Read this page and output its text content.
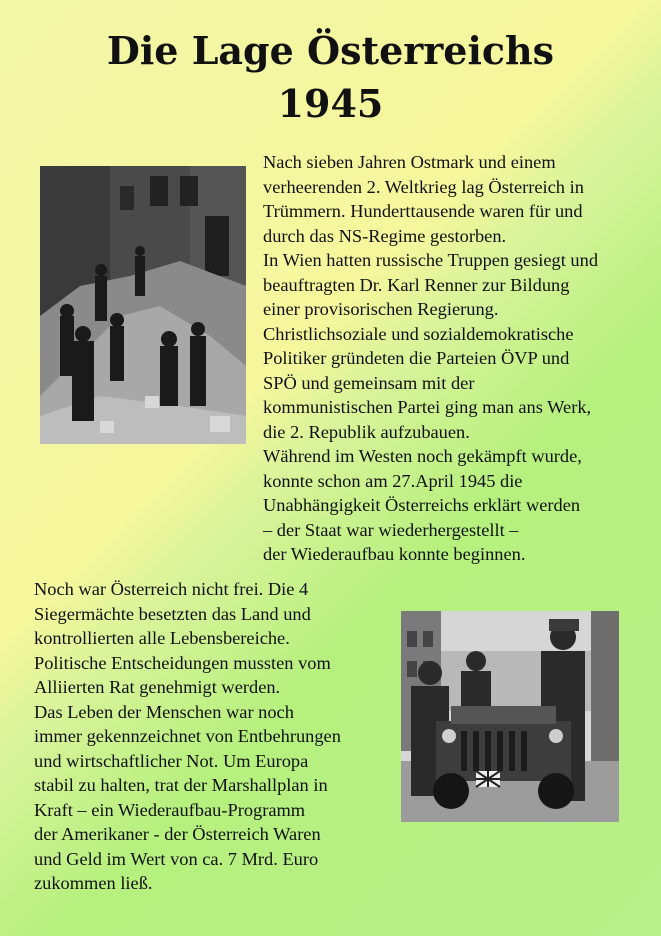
Die Lage Österreichs
1945

Nach sieben Jahren Ostmark und einem
verheerenden 2. Weltkrieg lag Österreich in
Trümmern. Hunderttausende waren für und
durch das NS-Regime gestorben.
In Wien hatten russische Truppen gesiegt und
beauftragten Dr. Karl Renner zur Bildung
einer provisorischen Regierung.
Christlichsoziale und sozialdemokratische
Politiker gründeten die Parteien ÖVP und
SPÖ und gemeinsam mit der
kommunistischen Partei ging man ans Werk,
die 2. Republik aufzubauen.
Während im Westen noch gekämpft wurde,
konnte schon am 27.April 1945 die
Unabhängigkeit Österreichs erklärt werden
– der Staat war wiederhergestellt –
der Wiederaufbau konnte beginnen.

Noch war Österreich nicht frei. Die 4
Siegermächte besetzten das Land und
kontrollierten alle Lebensbereiche.
Politische Entscheidungen mussten vom
Alliierten Rat genehmigt werden.
Das Leben der Menschen war noch
immer gekennzeichnet von Entbehrungen
und wirtschaftlicher Not. Um Europa
stabil zu halten, trat der Marshallplan in
Kraft – ein Wiederaufbau-Programm
der Amerikaner - der Österreich Waren
und Geld im Wert von ca. 7 Mrd. Euro
zukommen ließ.
